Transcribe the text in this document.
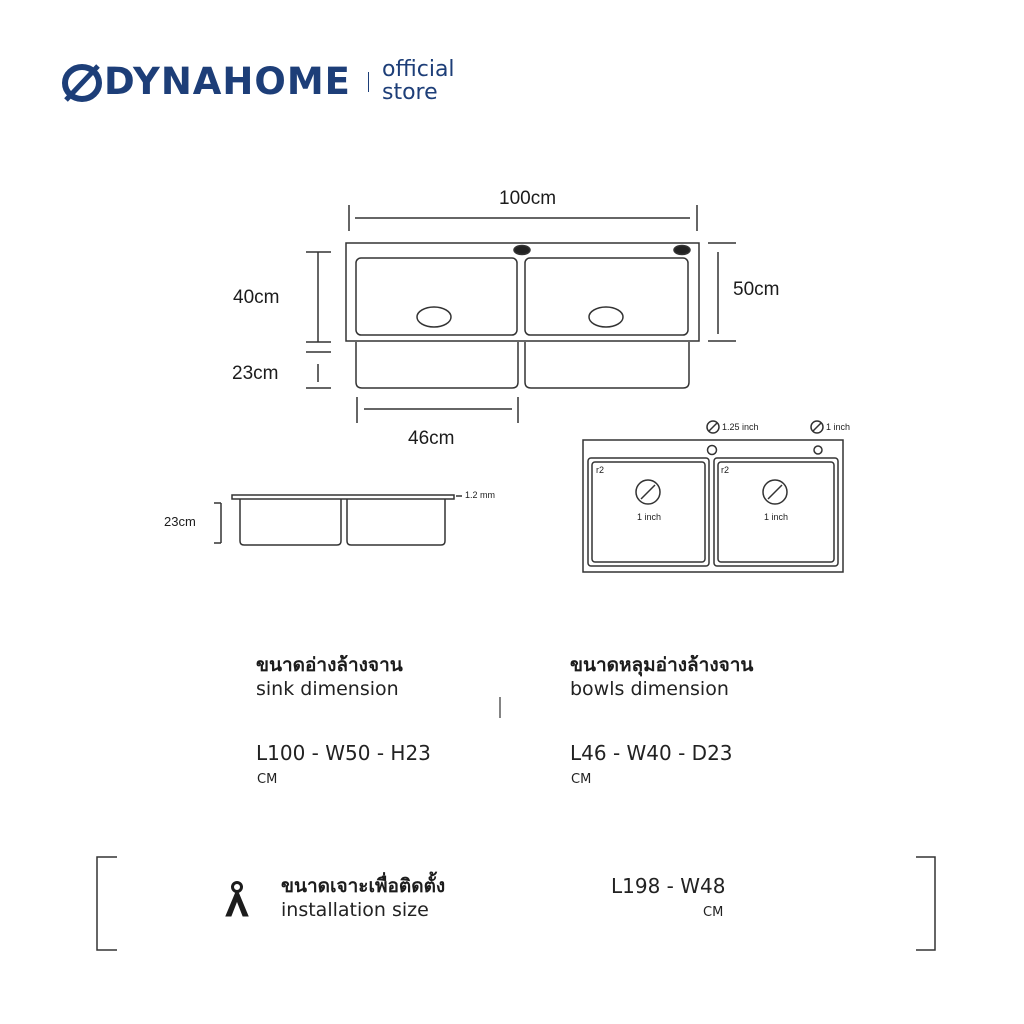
DYNAHOME official
store
100cm
50cm
40cm
23cm
46cm
23cm
1.2 mm
1.25 inch	1 inch
r2	r2
1 inch	1 inch
ขนาดอ่างล้างจาน
sink dimension
L100 - W50 - H23
CM
ขนาดหลุมอ่างล้างจาน
bowls dimension
L46 - W40 - D23
CM
ขนาดเจาะเพื่อติดตั้ง
installation size
L198 - W48
CM
